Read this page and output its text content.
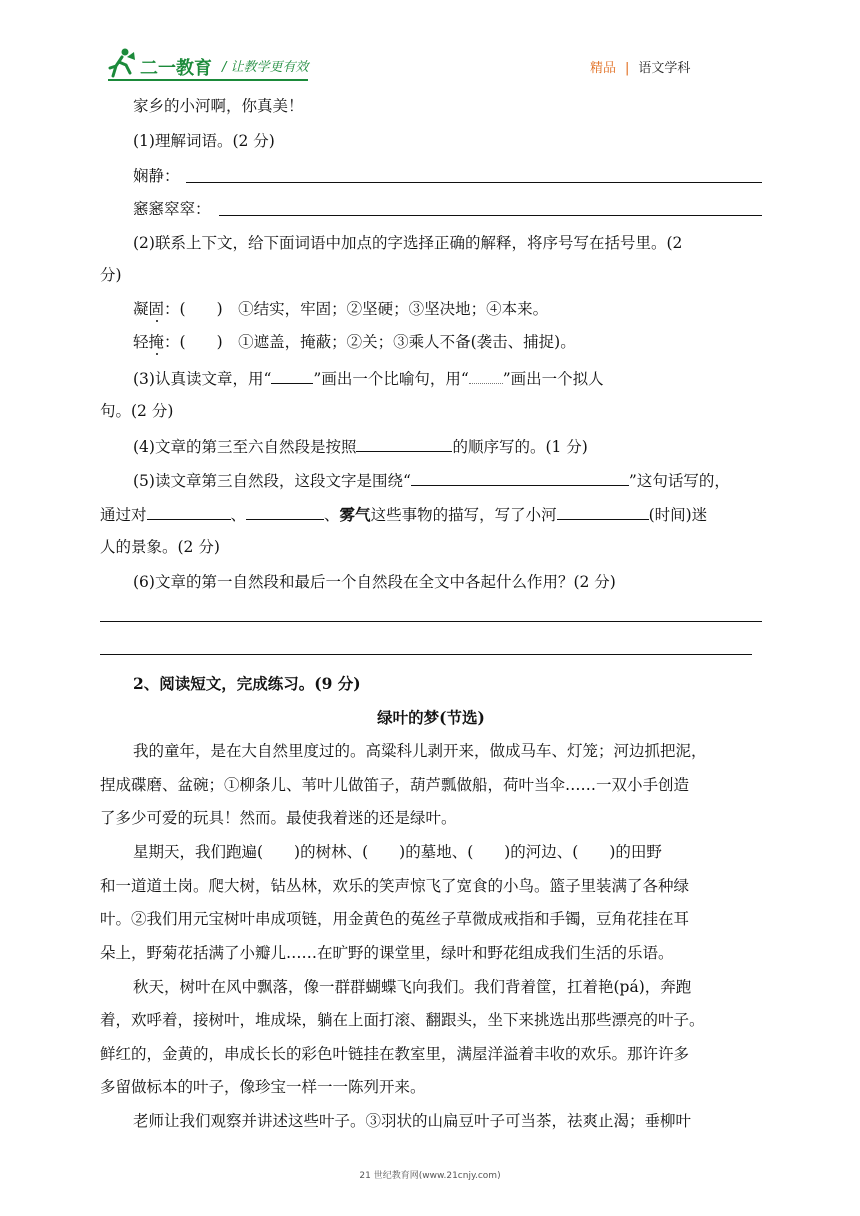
二一教育 / 让教学更有效	精品 | 语文学科
家乡的小河啊，你真美！
(1)理解词语。(2 分)
娴静：
窸窸窣窣：
(2)联系上下文，给下面词语中加点的字选择正确的解释，将序号写在括号里。(2
分)
凝固：(　　)　①结实，牢固；②坚硬；③坚决地；④本来。
轻掩：(　　)　①遮盖，掩蔽；②关；③乘人不备(袭击、捕捉)。
(3)认真读文章，用“	”画出一个比喻句，用“ ”画出一个拟人
句。(2 分)
(4)文章的第三至六自然段是按照	的顺序写的。(1 分)
(5)读文章第三自然段，这段文字是围绕“	”这句话写的，
通过对	、	、雾气这些事物的描写，写了小河	(时间)迷
人的景象。(2 分)
(6)文章的第一自然段和最后一个自然段在全文中各起什么作用？(2 分)
2、阅读短文，完成练习。(9 分)
绿叶的梦(节选)
我的童年，是在大自然里度过的。高粱科儿剥开来，做成马车、灯笼；河边抓把泥，
捏成碟磨、盆碗；①柳条儿、苇叶儿做笛子，葫芦瓢做船，荷叶当伞……一双小手创造
了多少可爱的玩具！然而。最使我着迷的还是绿叶。
星期天，我们跑遍(　　)的树林、(　　)的墓地、(　　)的河边、(　　)的田野
和一道道土岗。爬大树，钻丛林，欢乐的笑声惊飞了宽食的小鸟。篮子里装满了各种绿
叶。②我们用元宝树叶串成项链，用金黄色的菟丝子草微成戒指和手镯，豆角花挂在耳
朵上，野菊花括满了小瓣儿……在旷野的课堂里，绿叶和野花组成我们生活的乐语。
秋天，树叶在风中飘落，像一群群蝴蝶飞向我们。我们背着筐，扛着艳(pá)，奔跑
着，欢呼着，接树叶，堆成垛，躺在上面打滚、翻跟头，坐下来挑选出那些漂亮的叶子。
鲜红的，金黄的，串成长长的彩色叶链挂在教室里，满屋洋溢着丰收的欢乐。那许许多
多留做标本的叶子，像珍宝一样一一陈列开来。
老师让我们观察并讲述这些叶子。③羽状的山扁豆叶子可当茶，祛爽止渴；垂柳叶
21 世纪教育网(www.21cnjy.com)
